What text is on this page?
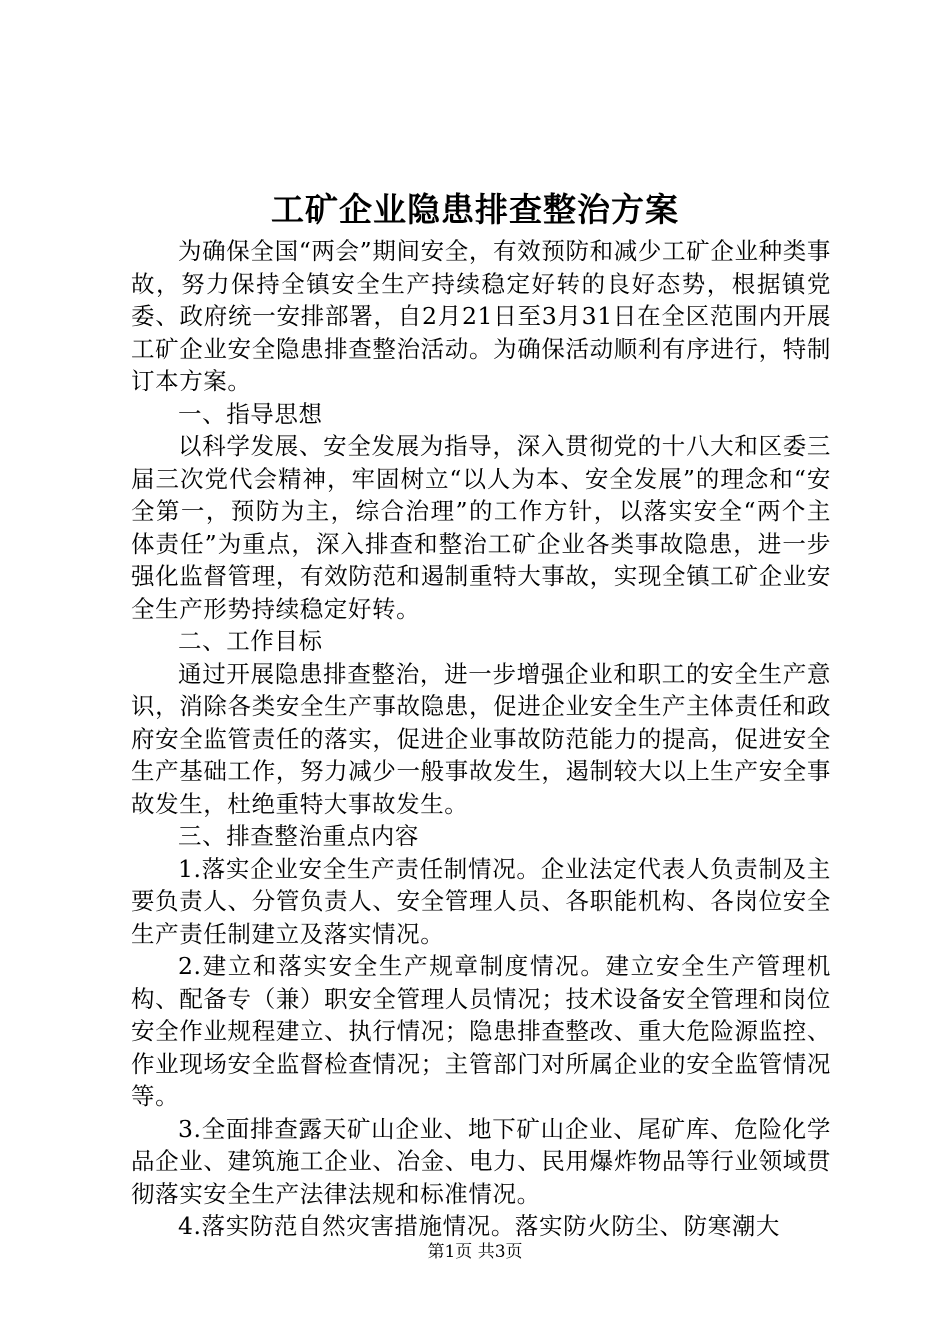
工矿企业隐患排查整治方案

为确保全国“两会”期间安全，有效预防和减少工矿企业种类事故，努力保持全镇安全生产持续稳定好转的良好态势，根据镇党委、政府统一安排部署，自2月21日至3月31日在全区范围内开展工矿企业安全隐患排查整治活动。为确保活动顺利有序进行，特制订本方案。

一、指导思想

以科学发展、安全发展为指导，深入贯彻党的十八大和区委三届三次党代会精神，牢固树立“以人为本、安全发展”的理念和“安全第一，预防为主，综合治理”的工作方针，以落实安全“两个主体责任”为重点，深入排查和整治工矿企业各类事故隐患，进一步强化监督管理，有效防范和遏制重特大事故，实现全镇工矿企业安全生产形势持续稳定好转。

二、工作目标

通过开展隐患排查整治，进一步增强企业和职工的安全生产意识，消除各类安全生产事故隐患，促进企业安全生产主体责任和政府安全监管责任的落实，促进企业事故防范能力的提高，促进安全生产基础工作，努力减少一般事故发生，遏制较大以上生产安全事故发生，杜绝重特大事故发生。

三、排查整治重点内容

1.落实企业安全生产责任制情况。企业法定代表人负责制及主要负责人、分管负责人、安全管理人员、各职能机构、各岗位安全生产责任制建立及落实情况。

2.建立和落实安全生产规章制度情况。建立安全生产管理机构、配备专（兼）职安全管理人员情况；技术设备安全管理和岗位安全作业规程建立、执行情况；隐患排查整改、重大危险源监控、作业现场安全监督检查情况；主管部门对所属企业的安全监管情况等。

3.全面排查露天矿山企业、地下矿山企业、尾矿库、危险化学品企业、建筑施工企业、冶金、电力、民用爆炸物品等行业领域贯彻落实安全生产法律法规和标准情况。

4.落实防范自然灾害措施情况。落实防火防尘、防寒潮大

第1页 共3页
